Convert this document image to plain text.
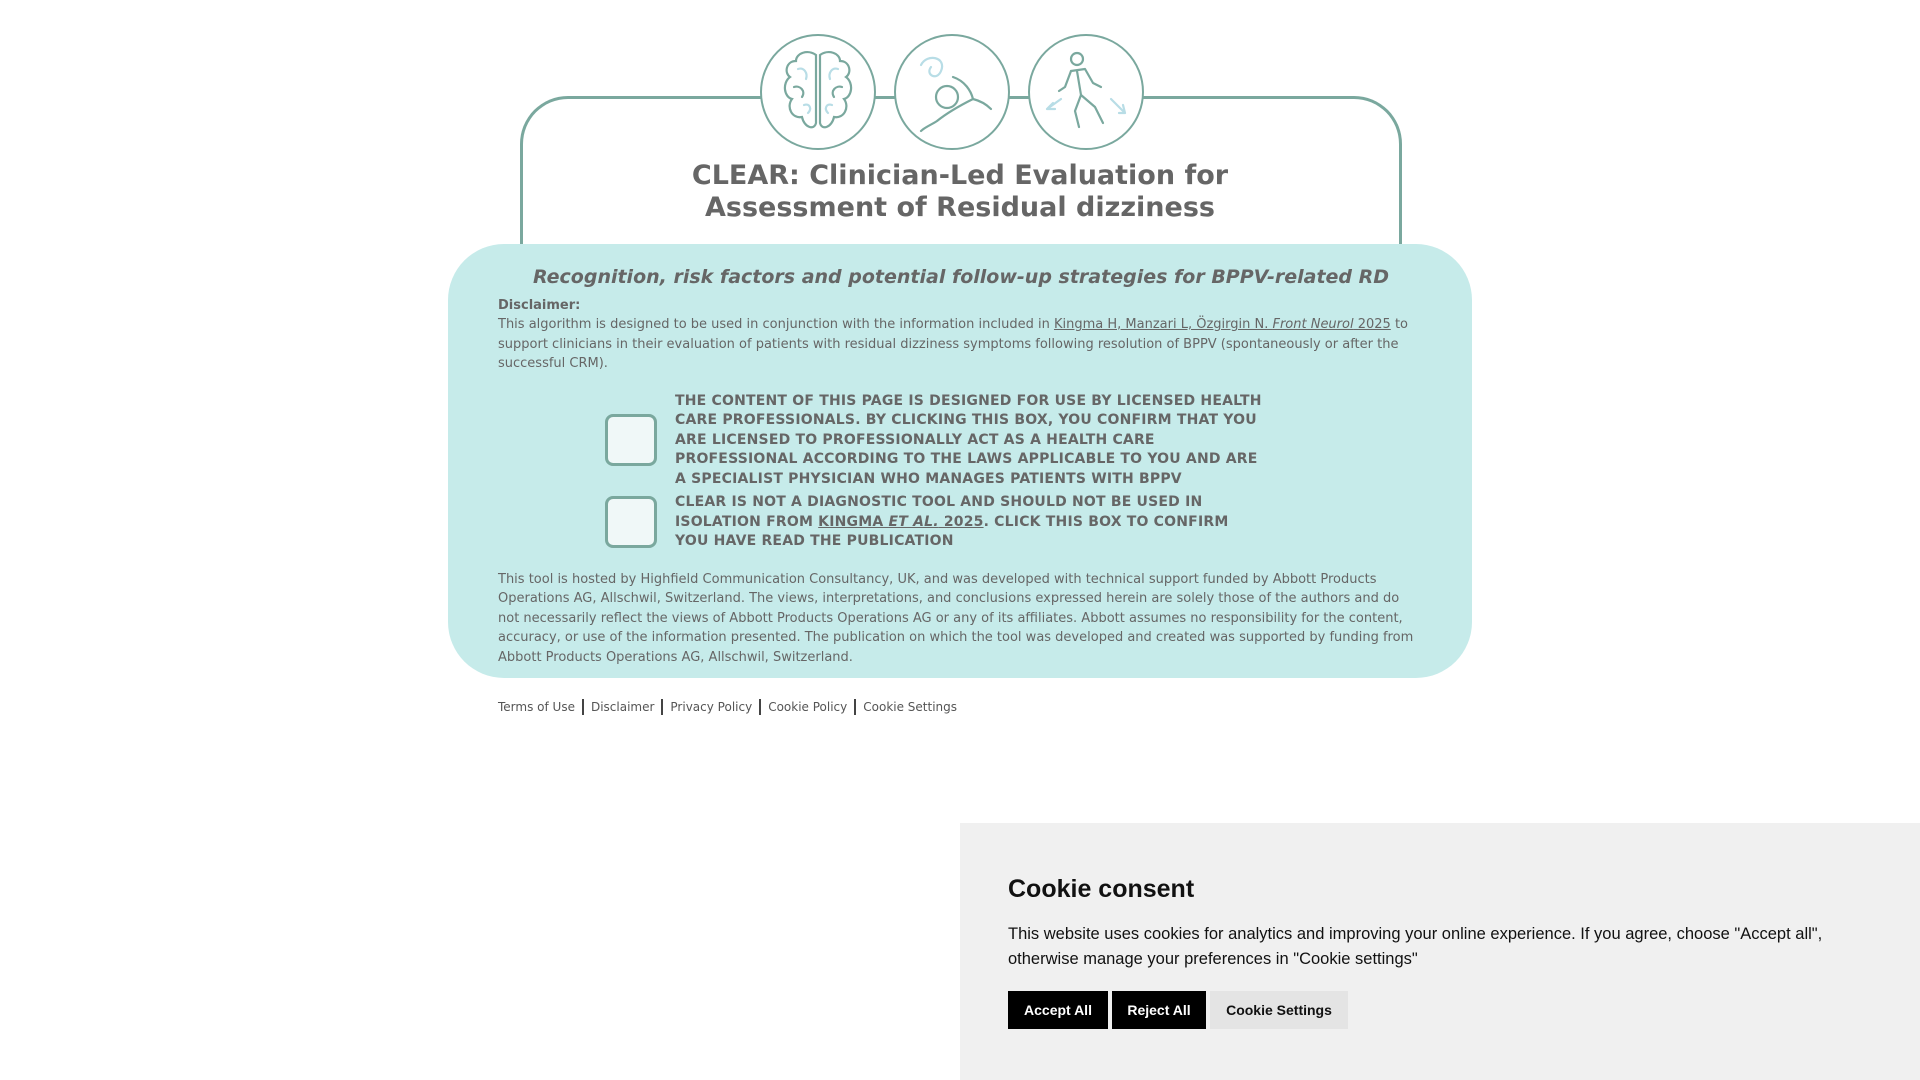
CLEAR: Clinician-Led Evaluation for
Assessment of Residual dizziness
Recognition, risk factors and potential follow-up strategies for BPPV-related RD

Disclaimer:

This algorithm is designed to be used in conjunction with the information included in Kingma H, Manzari L, Özgirgin N. Front Neurol 2025 to support clinicians in their evaluation of patients with residual dizziness symptoms following resolution of BPPV (spontaneously or after the successful CRM).

THE CONTENT OF THIS PAGE IS DESIGNED FOR USE BY LICENSED HEALTH CARE PROFESSIONALS. BY CLICKING THIS BOX, YOU CONFIRM THAT YOU ARE LICENSED TO PROFESSIONALLY ACT AS A HEALTH CARE PROFESSIONAL ACCORDING TO THE LAWS APPLICABLE TO YOU AND ARE A SPECIALIST PHYSICIAN WHO MANAGES PATIENTS WITH BPPV
CLEAR IS NOT A DIAGNOSTIC TOOL AND SHOULD NOT BE USED IN ISOLATION FROM KINGMA ET AL. 2025. CLICK THIS BOX TO CONFIRM YOU HAVE READ THE PUBLICATION

This tool is hosted by Highfield Communication Consultancy, UK, and was developed with technical support funded by Abbott Products Operations AG, Allschwil, Switzerland. The views, interpretations, and conclusions expressed herein are solely those of the authors and do not necessarily reflect the views of Abbott Products Operations AG or any of its affiliates. Abbott assumes no responsibility for the content, accuracy, or use of the information presented. The publication on which the tool was developed and created was supported by funding from Abbott Products Operations AG, Allschwil, Switzerland.

Terms of Use Disclaimer Privacy Policy Cookie Policy Cookie Settings
Cookie consent

This website uses cookies for analytics and improving your online experience. If you agree, choose "Accept all", otherwise manage your preferences in "Cookie settings"

Accept All	Reject All	Cookie Settings
